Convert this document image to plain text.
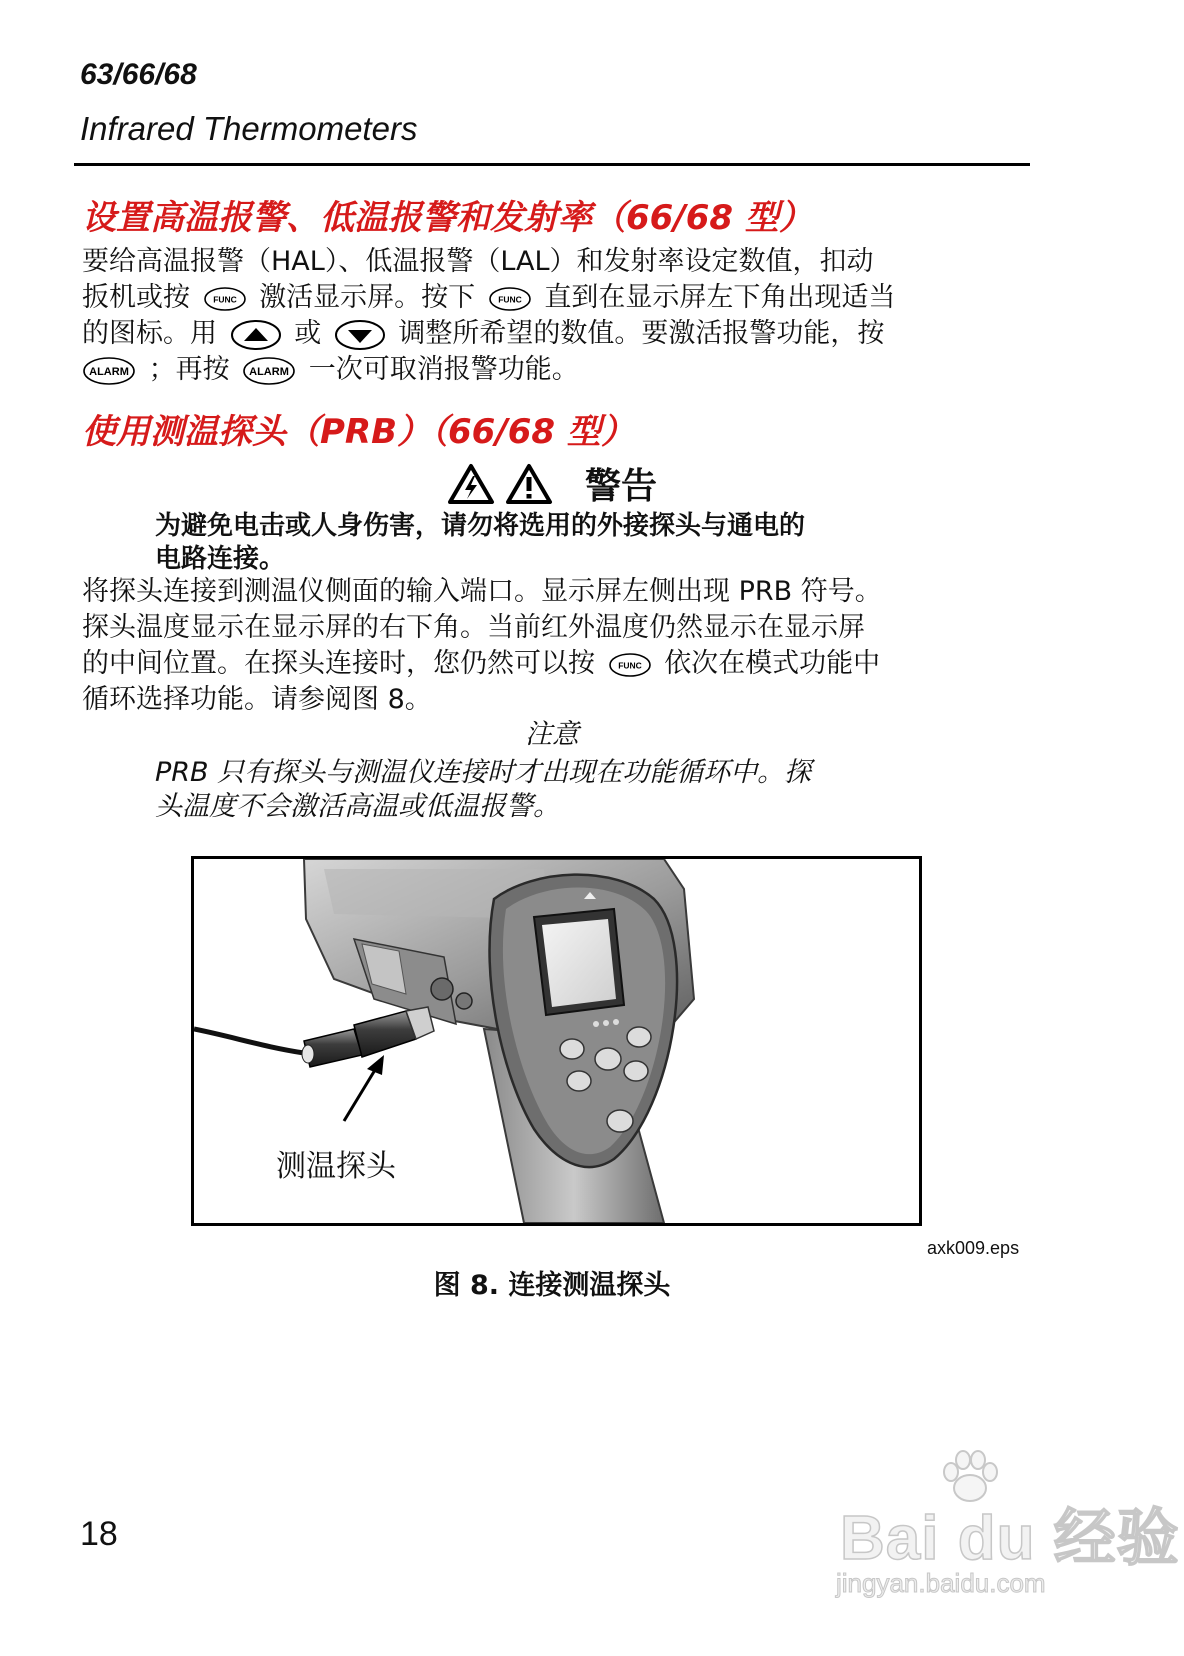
63/66/68
Infrared Thermometers
设置高温报警、低温报警和发射率（66/68 型）
要给高温报警（HAL）、低温报警（LAL）和发射率设定数值，扣动
扳机或按	FUNC 激活显示屏。按下	FUNC 直到在显示屏左下角出现适当
的图标。用	或	调整所希望的数值。要激活报警功能，按
ALARM ；再按 ALARM 一次可取消报警功能。
使用测温探头（PRB）（66/68 型）
警告
为避免电击或人身伤害，请勿将选用的外接探头与通电的
电路连接。
将探头连接到测温仪侧面的输入端口。显示屏左侧出现 PRB 符号。
探头温度显示在显示屏的右下角。当前红外温度仍然显示在显示屏
的中间位置。在探头连接时，您仍然可以按	FUNC 依次在模式功能中
循环选择功能。请参阅图 8。
注意
PRB 只有探头与测温仪连接时才出现在功能循环中。探
头温度不会激活高温或低温报警。
测温探头
axk009.eps
图 8. 连接测温探头
18	Bai du 经验
jingyan.baidu.com
